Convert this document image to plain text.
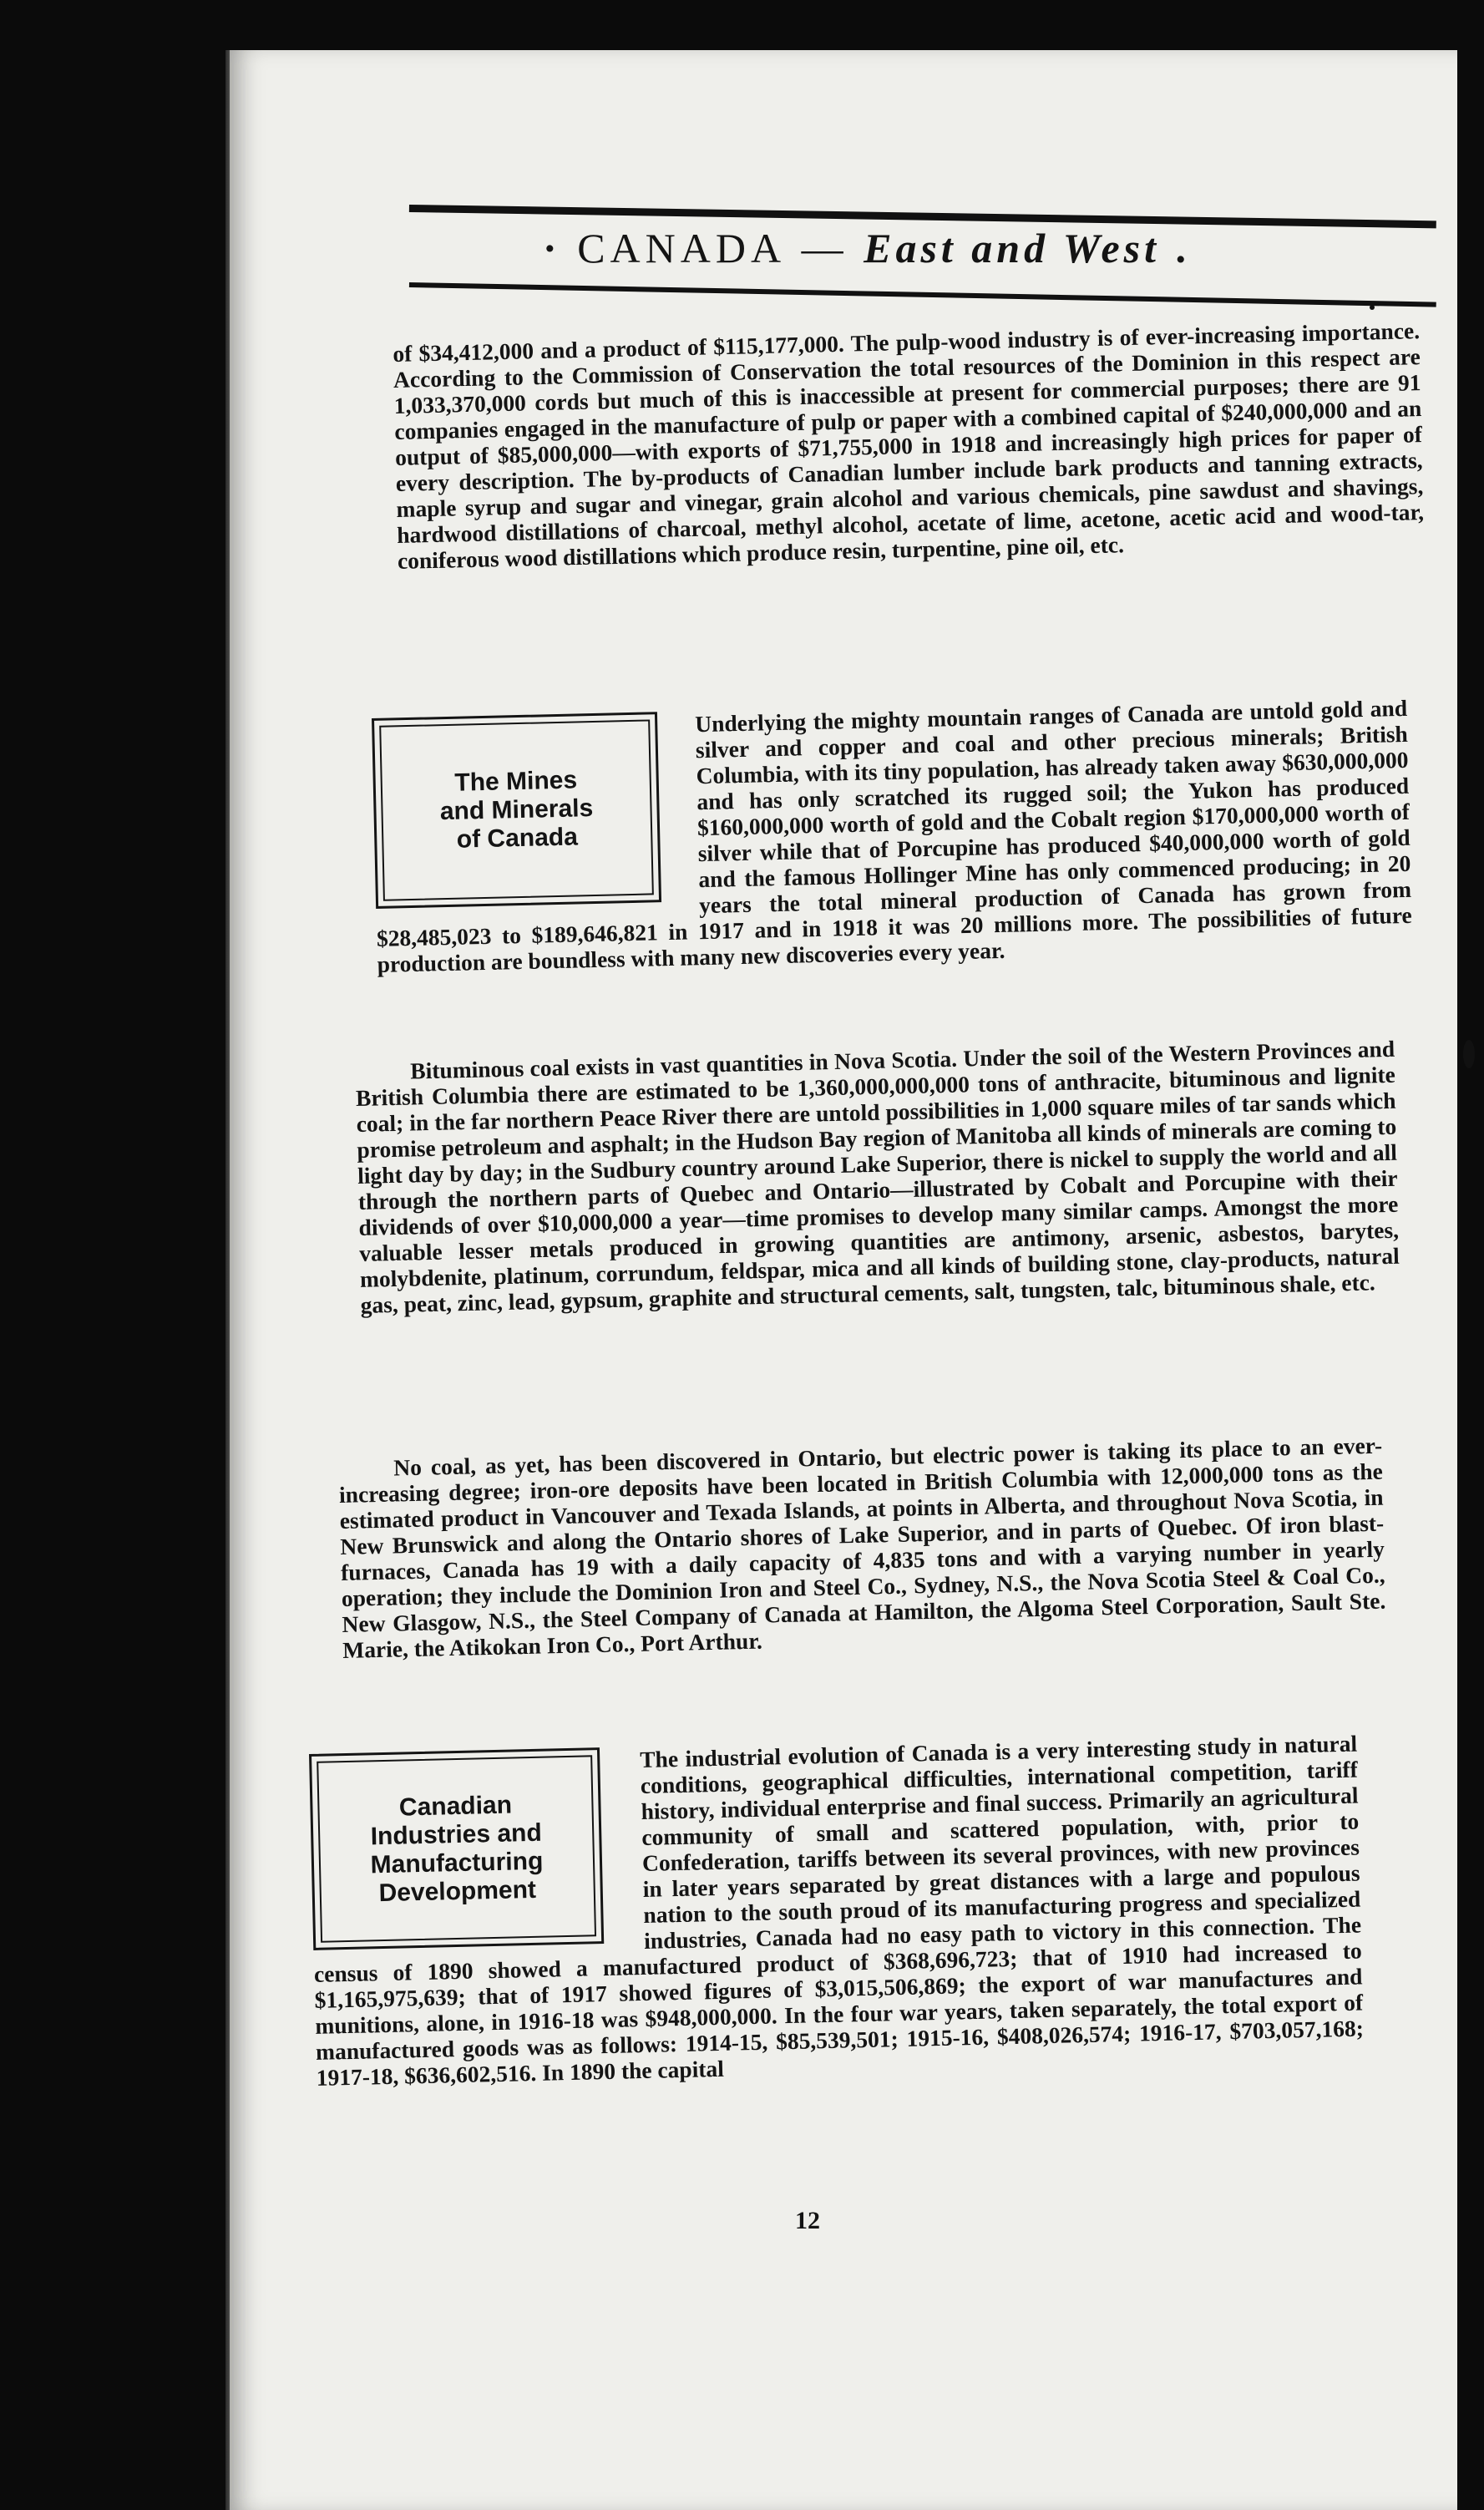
· CANADA — East and West .

of $34,412,000 and a product of $115,177,000. The pulp-wood industry is of ever-increasing importance. According to the Commission of Conservation the total resources of the Dominion in this respect are 1,033,370,000 cords but much of this is inaccessible at present for commercial purposes; there are 91 companies engaged in the manufacture of pulp or paper with a combined capital of $240,000,000 and an output of $85,000,000—with exports of $71,755,000 in 1918 and increasingly high prices for paper of every description. The by-products of Canadian lumber include bark products and tanning extracts, maple syrup and sugar and vinegar, grain alcohol and various chemicals, pine sawdust and shavings, hardwood distillations of charcoal, methyl alcohol, acetate of lime, acetone, acetic acid and wood-tar, coniferous wood distillations which produce resin, turpentine, pine oil, etc.

The Mines and Minerals of Canada
Underlying the mighty mountain ranges of Canada are untold gold and silver and copper and coal and other precious minerals; British Columbia, with its tiny population, has already taken away $630,000,000 and has only scratched its rugged soil; the Yukon has produced $160,000,000 worth of gold and the Cobalt region $170,000,000 worth of silver while that of Porcupine has produced $40,000,000 worth of gold and the famous Hollinger Mine has only commenced producing; in 20 years the total mineral production of Canada has grown from $28,485,023 to $189,646,821 in 1917 and in 1918 it was 20 millions more. The possibilities of future production are boundless with many new discoveries every year.

Bituminous coal exists in vast quantities in Nova Scotia. Under the soil of the Western Provinces and British Columbia there are estimated to be 1,360,000,000,000 tons of anthracite, bituminous and lignite coal; in the far northern Peace River there are untold possibilities in 1,000 square miles of tar sands which promise petroleum and asphalt; in the Hudson Bay region of Manitoba all kinds of minerals are coming to light day by day; in the Sudbury country around Lake Superior, there is nickel to supply the world and all through the northern parts of Quebec and Ontario—illustrated by Cobalt and Porcupine with their dividends of over $10,000,000 a year—time promises to develop many similar camps. Amongst the more valuable lesser metals produced in growing quantities are antimony, arsenic, asbestos, barytes, molybdenite, platinum, corrundum, feldspar, mica and all kinds of building stone, clay-products, natural gas, peat, zinc, lead, gypsum, graphite and structural cements, salt, tungsten, talc, bituminous shale, etc.

No coal, as yet, has been discovered in Ontario, but electric power is taking its place to an ever-increasing degree; iron-ore deposits have been located in British Columbia with 12,000,000 tons as the estimated product in Vancouver and Texada Islands, at points in Alberta, and throughout Nova Scotia, in New Brunswick and along the Ontario shores of Lake Superior, and in parts of Quebec. Of iron blast-furnaces, Canada has 19 with a daily capacity of 4,835 tons and with a varying number in yearly operation; they include the Dominion Iron and Steel Co., Sydney, N.S., the Nova Scotia Steel & Coal Co., New Glasgow, N.S., the Steel Company of Canada at Hamilton, the Algoma Steel Corporation, Sault Ste. Marie, the Atikokan Iron Co., Port Arthur.

Canadian Industries and Manufacturing Development
The industrial evolution of Canada is a very interesting study in natural conditions, geographical difficulties, international competition, tariff history, individual enterprise and final success. Primarily an agricultural community of small and scattered population, with, prior to Confederation, tariffs between its several provinces, with new provinces in later years separated by great distances with a large and populous nation to the south proud of its manufacturing progress and specialized industries, Canada had no easy path to victory in this connection. The census of 1890 showed a manufactured product of $368,696,723; that of 1910 had increased to $1,165,975,639; that of 1917 showed figures of $3,015,506,869; the export of war manufactures and munitions, alone, in 1916-18 was $948,000,000. In the four war years, taken separately, the total export of manufactured goods was as follows: 1914-15, $85,539,501; 1915-16, $408,026,574; 1916-17, $703,057,168; 1917-18, $636,602,516. In 1890 the capital
12
